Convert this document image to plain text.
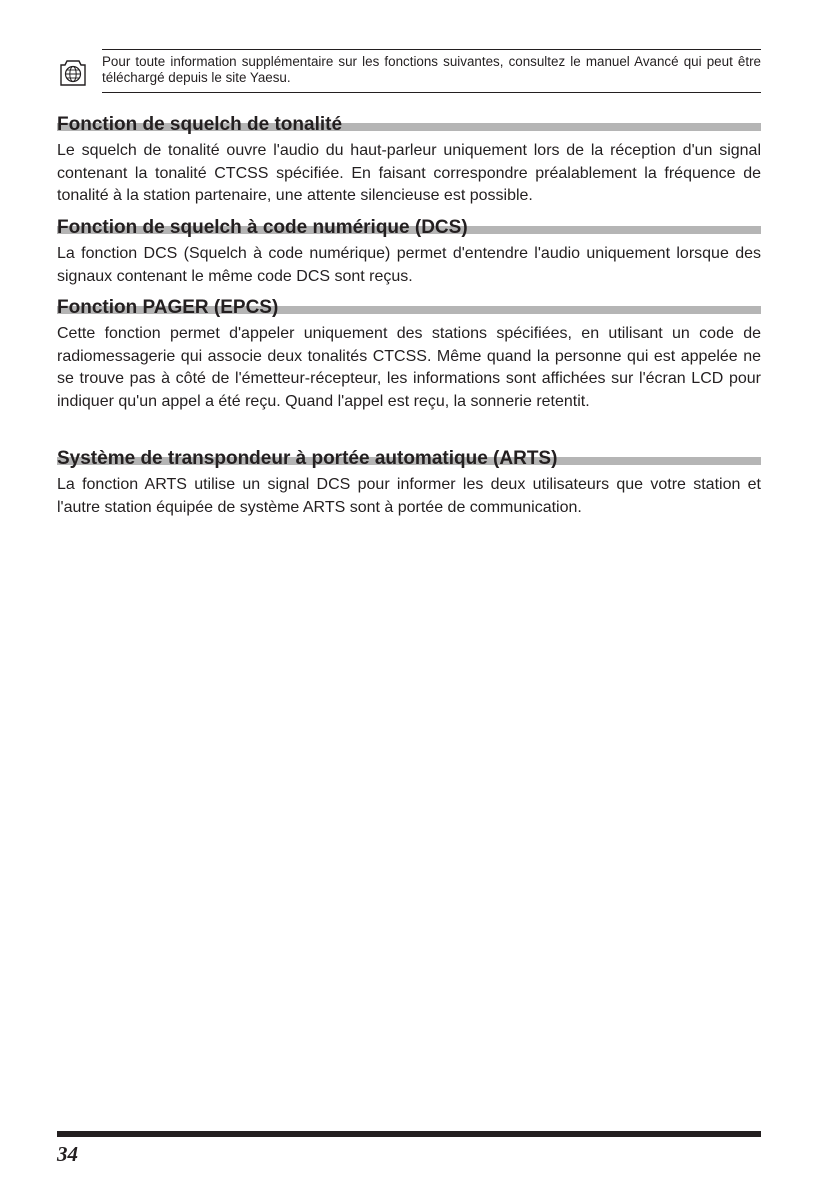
Pour toute information supplémentaire sur les fonctions suivantes, consultez le manuel Avancé qui peut être téléchargé depuis le site Yaesu.
Fonction de squelch de tonalité

Le squelch de tonalité ouvre l'audio du haut-parleur uniquement lors de la réception d'un signal contenant la tonalité CTCSS spécifiée. En faisant correspondre préalablement la fréquence de tonalité à la station partenaire, une attente silencieuse est possible.

Fonction de squelch à code numérique (DCS)

La fonction DCS (Squelch à code numérique) permet d'entendre l'audio uniquement lorsque des signaux contenant le même code DCS sont reçus.

Fonction PAGER (EPCS)

Cette fonction permet d'appeler uniquement des stations spécifiées, en utilisant un code de radiomessagerie qui associe deux tonalités CTCSS. Même quand la personne qui est appelée ne se trouve pas à côté de l'émetteur-récepteur, les informations sont affichées sur l'écran LCD pour indiquer qu'un appel a été reçu. Quand l'appel est reçu, la sonnerie retentit.

Système de transpondeur à portée automatique (ARTS)

La fonction ARTS utilise un signal DCS pour informer les deux utilisateurs que votre station et l'autre station équipée de système ARTS sont à portée de communication.

34
